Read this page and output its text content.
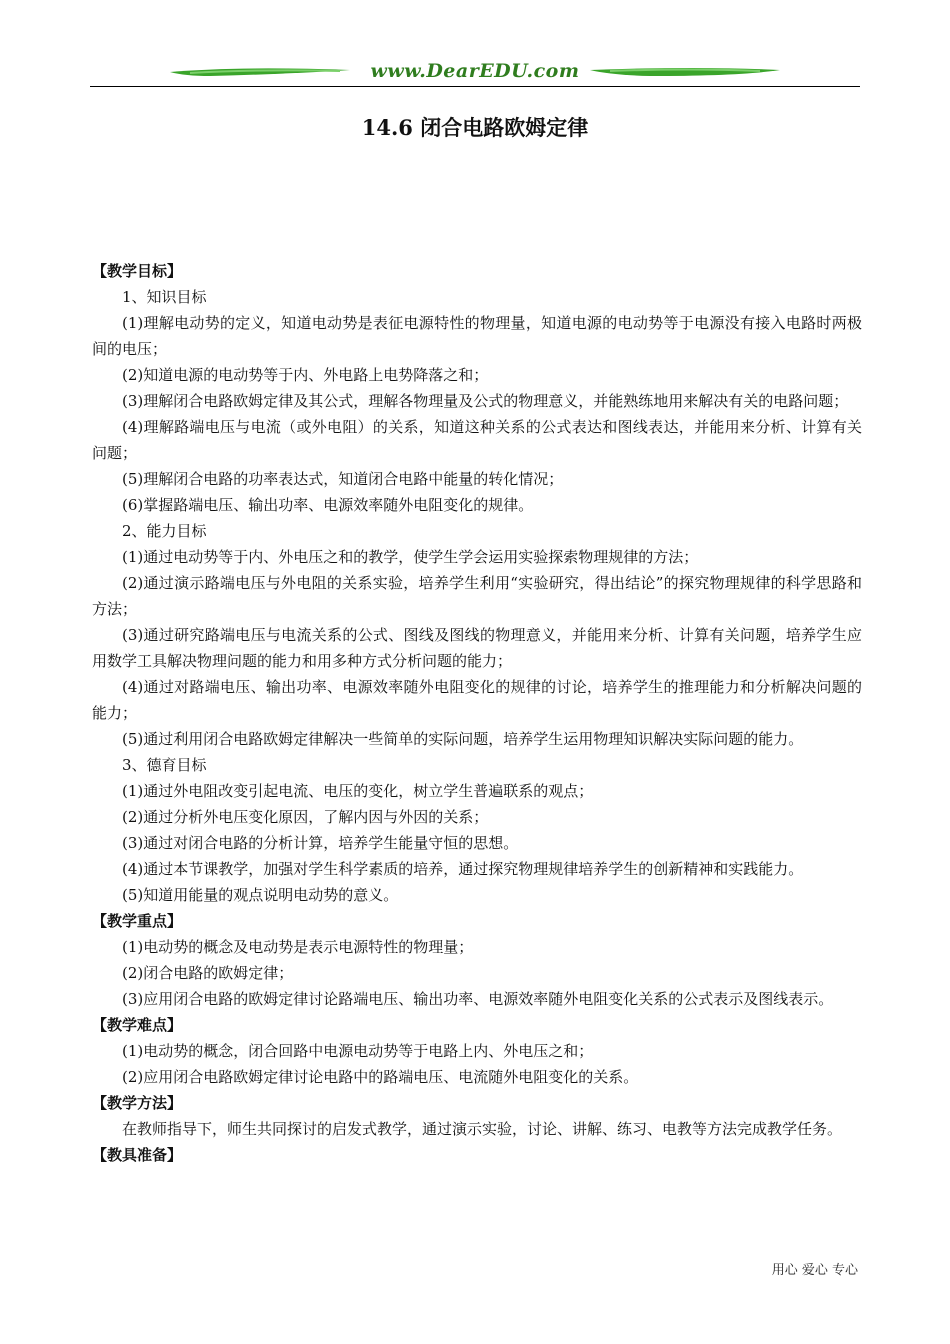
www.DearEDU.com
14.6 闭合电路欧姆定律

【教学目标】

1、知识目标

(1)理解电动势的定义，知道电动势是表征电源特性的物理量，知道电源的电动势等于电源没有接入电路时两极间的电压；

(2)知道电源的电动势等于内、外电路上电势降落之和；

(3)理解闭合电路欧姆定律及其公式，理解各物理量及公式的物理意义，并能熟练地用来解决有关的电路问题；

(4)理解路端电压与电流（或外电阻）的关系，知道这种关系的公式表达和图线表达，并能用来分析、计算有关问题；

(5)理解闭合电路的功率表达式，知道闭合电路中能量的转化情况；

(6)掌握路端电压、输出功率、电源效率随外电阻变化的规律。

2、能力目标

(1)通过电动势等于内、外电压之和的教学，使学生学会运用实验探索物理规律的方法；

(2)通过演示路端电压与外电阻的关系实验，培养学生利用“实验研究，得出结论”的探究物理规律的科学思路和方法；

(3)通过研究路端电压与电流关系的公式、图线及图线的物理意义，并能用来分析、计算有关问题，培养学生应用数学工具解决物理问题的能力和用多种方式分析问题的能力；

(4)通过对路端电压、输出功率、电源效率随外电阻变化的规律的讨论，培养学生的推理能力和分析解决问题的能力；

(5)通过利用闭合电路欧姆定律解决一些简单的实际问题，培养学生运用物理知识解决实际问题的能力。

3、德育目标

(1)通过外电阻改变引起电流、电压的变化，树立学生普遍联系的观点；

(2)通过分析外电压变化原因，了解内因与外因的关系；

(3)通过对闭合电路的分析计算，培养学生能量守恒的思想。

(4)通过本节课教学，加强对学生科学素质的培养，通过探究物理规律培养学生的创新精神和实践能力。

(5)知道用能量的观点说明电动势的意义。

【教学重点】

(1)电动势的概念及电动势是表示电源特性的物理量；

(2)闭合电路的欧姆定律；

(3)应用闭合电路的欧姆定律讨论路端电压、输出功率、电源效率随外电阻变化关系的公式表示及图线表示。

【教学难点】

(1)电动势的概念，闭合回路中电源电动势等于电路上内、外电压之和；

(2)应用闭合电路欧姆定律讨论电路中的路端电压、电流随外电阻变化的关系。

【教学方法】

在教师指导下，师生共同探讨的启发式教学，通过演示实验，讨论、讲解、练习、电教等方法完成教学任务。

【教具准备】

用心 爱心 专心
